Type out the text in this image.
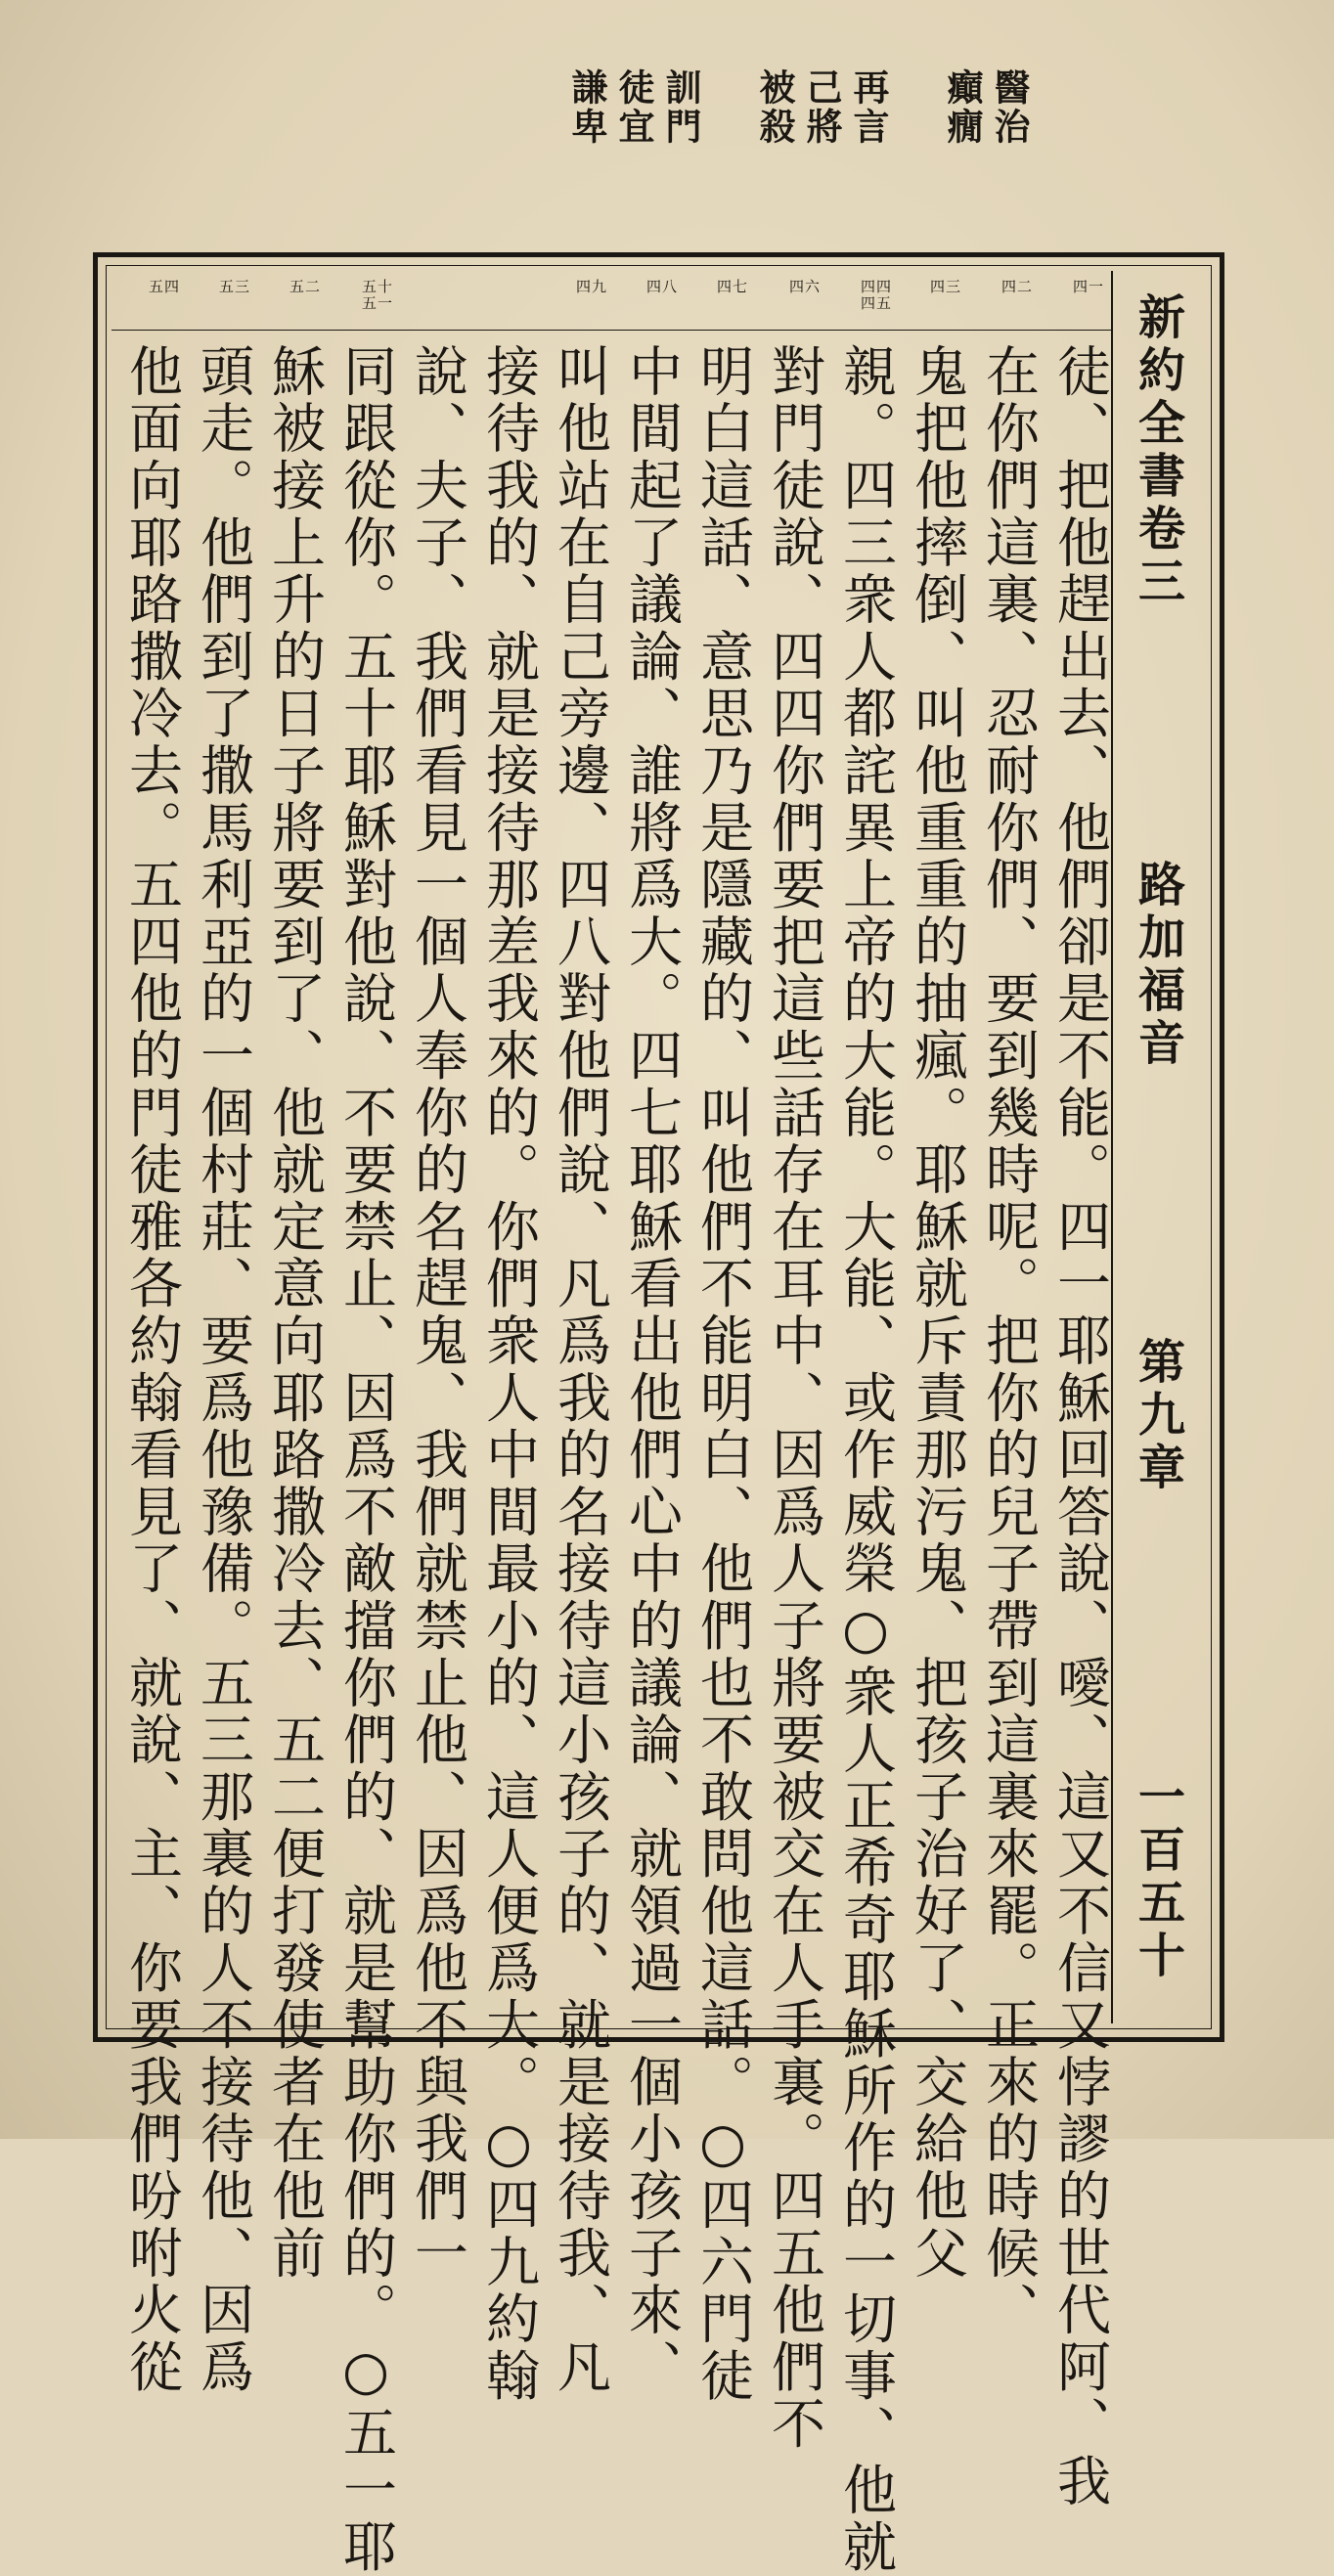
醫治
癲癇
再言
己將
被殺
訓門
徒宜
謙卑
新約全書卷三
路加福音
第九章
一百五十
四一
四二
四三
四四 四五
四六
四七
四八
四九
五十 五一
五二
五三
五四
徒、把他趕出去、他們卻是不能。四一耶穌回答說、噯、這又不信又悖謬的世代阿、我
在你們這裏、忍耐你們、要到幾時呢。把你的兒子帶到這裏來罷。正來的時候、
鬼把他摔倒、叫他重重的抽瘋。耶穌就斥責那污鬼、把孩子治好了、交給他父
親。四三衆人都詫異上帝的大能。大能、或作威榮○衆人正希奇耶穌所作的一切事、他就
對門徒說、四四你們要把這些話存在耳中、因爲人子將要被交在人手裏。四五他們不
明白這話、意思乃是隱藏的、叫他們不能明白、他們也不敢問他這話。○四六門徒
中間起了議論、誰將爲大。四七耶穌看出他們心中的議論、就領過一個小孩子來、
叫他站在自己旁邊、四八對他們說、凡爲我的名接待這小孩子的、就是接待我、凡
接待我的、就是接待那差我來的。你們衆人中間最小的、這人便爲大。○四九約翰
說、夫子、我們看見一個人奉你的名趕鬼、我們就禁止他、因爲他不與我們一
同跟從你。五十耶穌對他說、不要禁止、因爲不敵擋你們的、就是幫助你們的。○五一耶
穌被接上升的日子將要到了、他就定意向耶路撒冷去、五二便打發使者在他前
頭走。他們到了撒馬利亞的一個村莊、要爲他豫備。五三那裏的人不接待他、因爲
他面向耶路撒冷去。五四他的門徒雅各約翰看見了、就說、主、你要我們吩咐火從
